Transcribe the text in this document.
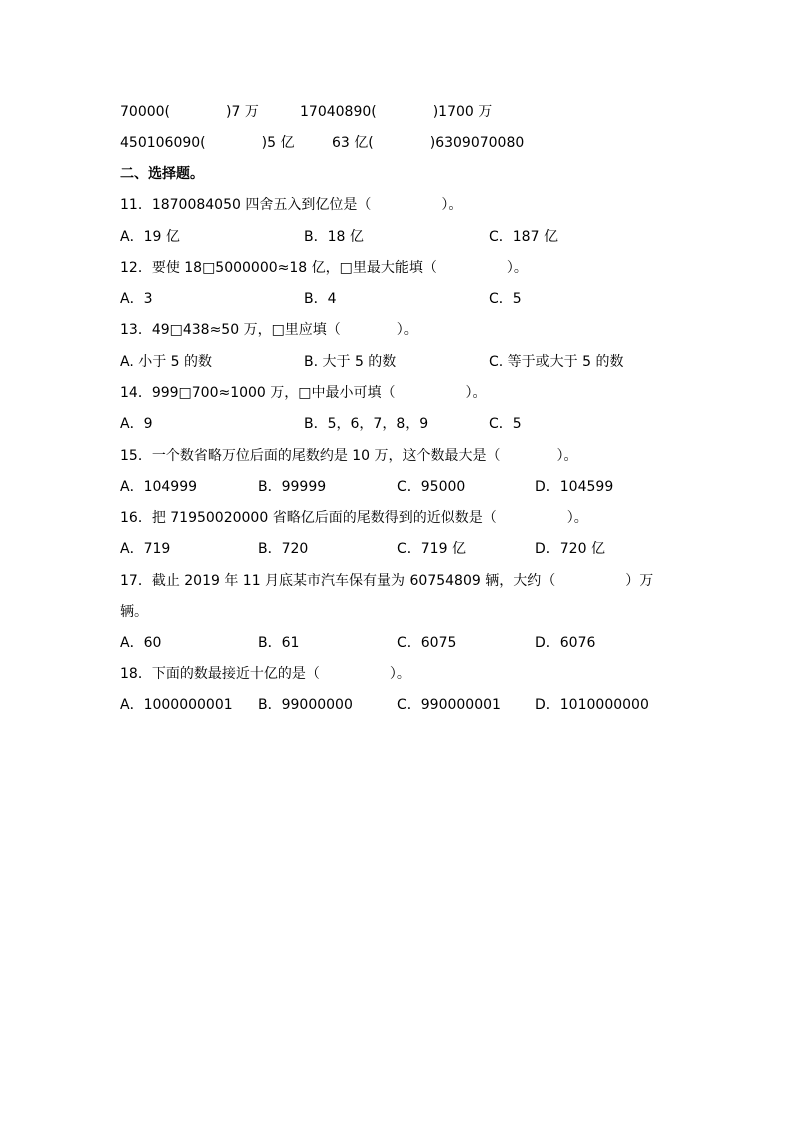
70000(　　　　)7 万	17040890(　　　　)1700 万
450106090(　　　　)5 亿	63 亿(　　　　)6309070080
二、选择题。
11．1870084050 四舍五入到亿位是（　　　　　）。
A．19 亿	B．18 亿	C．187 亿
12．要使 18□5000000≈18 亿，□里最大能填（　　　　　）。
A．3	B．4	C．5
13．49□438≈50 万，□里应填（　　　　）。
A. 小于 5 的数	B. 大于 5 的数	C. 等于或大于 5 的数
14．999□700≈1000 万，□中最小可填（　　　　　）。
A．9	B．5，6，7，8，9	C．5
15．一个数省略万位后面的尾数约是 10 万，这个数最大是（　　　　）。
A．104999	B．99999	C．95000	D．104599
16．把 71950020000 省略亿后面的尾数得到的近似数是（　　　　　）。
A．719	B．720	C．719 亿	D．720 亿
17．截止 2019 年 11 月底某市汽车保有量为 60754809 辆，大约（　　　　　）万
辆。
A．60	B．61	C．6075	D．6076
18．下面的数最接近十亿的是（　　　　　）。
A．1000000001 B．99000000	C．990000001 D．1010000000
